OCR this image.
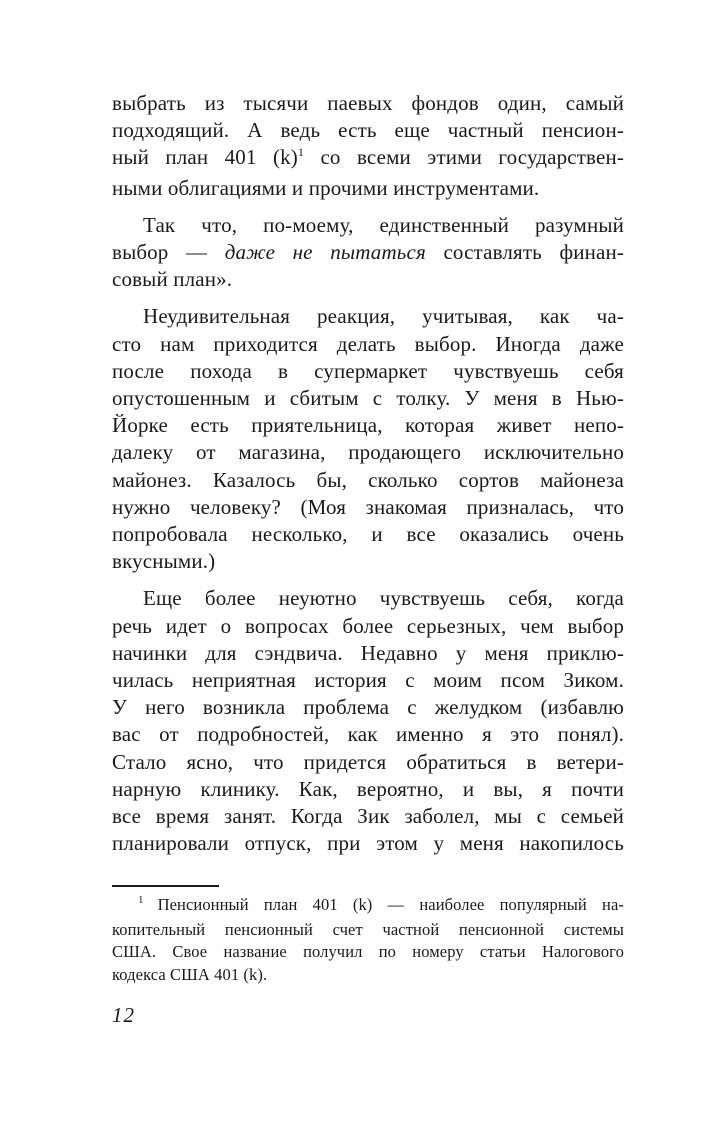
выбрать из тысячи паевых фондов один, самый
подходящий. А ведь есть еще частный пенсион-
ный план 401 $(k)^1$ со всеми этими государствен-
ными облигациями и прочими инструментами.

Так что, по-моему, единственный разумный
выбор — даже не пытаться составлять финан-
совый план».

Неудивительная реакция, учитывая, как ча-
сто нам приходится делать выбор. Иногда даже
после похода в супермаркет чувствуешь себя
опустошенным и сбитым с толку. У меня в Нью-
Йорке есть приятельница, которая живет непо-
далеку от магазина, продающего исключительно
майонез. Казалось бы, сколько сортов майонеза
нужно человеку? (Моя знакомая призналась, что
попробовала несколько, и все оказались очень
вкусными.)

Еще более неуютно чувствуешь себя, когда
речь идет о вопросах более серьезных, чем выбор
начинки для сэндвича. Недавно у меня приклю-
чилась неприятная история с моим псом Зиком.
У него возникла проблема с желудком (избавлю
вас от подробностей, как именно я это понял).
Стало ясно, что придется обратиться в ветери-
нарную клинику. Как, вероятно, и вы, я почти
все время занят. Когда Зик заболел, мы с семьей
планировали отпуск, при этом у меня накопилось

$^1$ Пенсионный план 401 (k) — наиболее популярный на-
копительный пенсионный счет частной пенсионной системы
США. Свое название получил по номеру статьи Налогового
кодекса США 401 (k).
12
